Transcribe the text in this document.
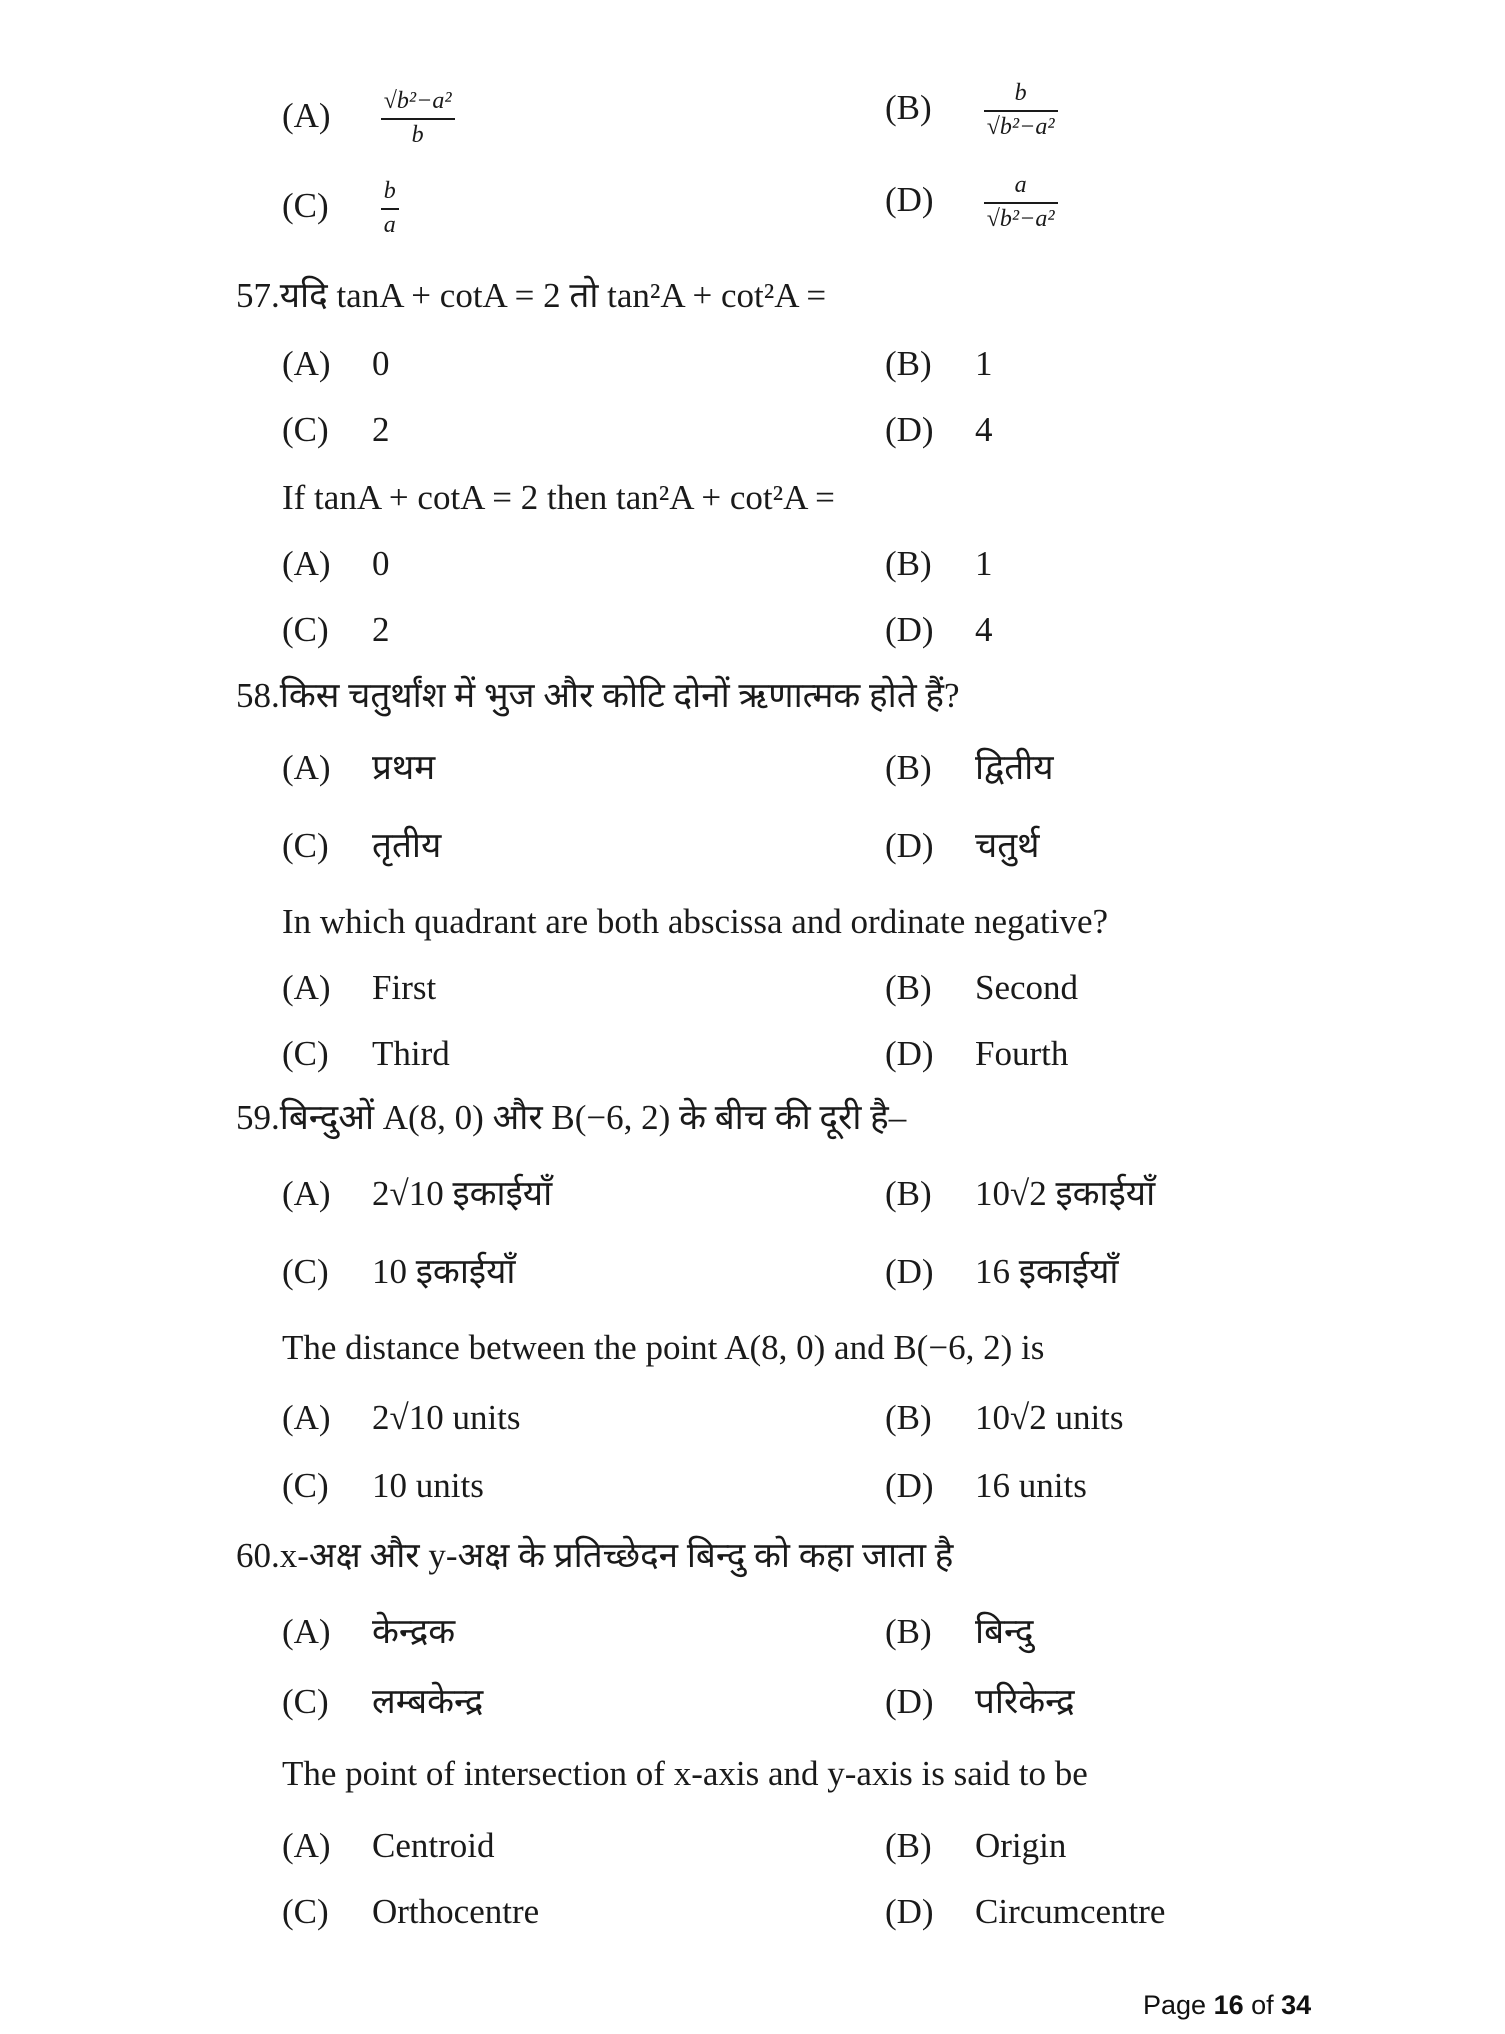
$(A) \frac{\text{√b²−a²}}{b}$	$(B) \frac{b}{\text{√b²−a²}}$
$(C) \frac{b}{a}$	$(D) \frac{a}{\text{√b²−a²}}$
57.यदि tanA + cotA = 2 तो tan²A + cot²A =
(A) 0	(B) 1
(C) 2	(D) 4
If tanA + cotA = 2 then tan²A + cot²A =
(A) 0	(B) 1
(C) 2	(D) 4
58.किस चतुर्थांश में भुज और कोटि दोनों ऋणात्मक होते हैं?
(A) प्रथम	(B) द्वितीय
(C) तृतीय	(D) चतुर्थ
In which quadrant are both abscissa and ordinate negative?
(A) First	(B) Second
(C) Third	(D) Fourth
59.बिन्दुओं A(8, 0) और B(−6, 2) के बीच की दूरी है–
(A) 2√10 इकाईयाँ	(B) 10√2 इकाईयाँ
(C) 10 इकाईयाँ	(D) 16 इकाईयाँ
The distance between the point A(8, 0) and B(−6, 2) is
(A) 2√10 units	(B) 10√2 units
(C) 10 units	(D) 16 units
60.x-अक्ष और y-अक्ष के प्रतिच्छेदन बिन्दु को कहा जाता है
(A) केन्द्रक	(B) बिन्दु
(C) लम्बकेन्द्र	(D) परिकेन्द्र
The point of intersection of x-axis and y-axis is said to be
(A) Centroid	(B) Origin
(C) Orthocentre	(D) Circumcentre
Page 16 of 34
